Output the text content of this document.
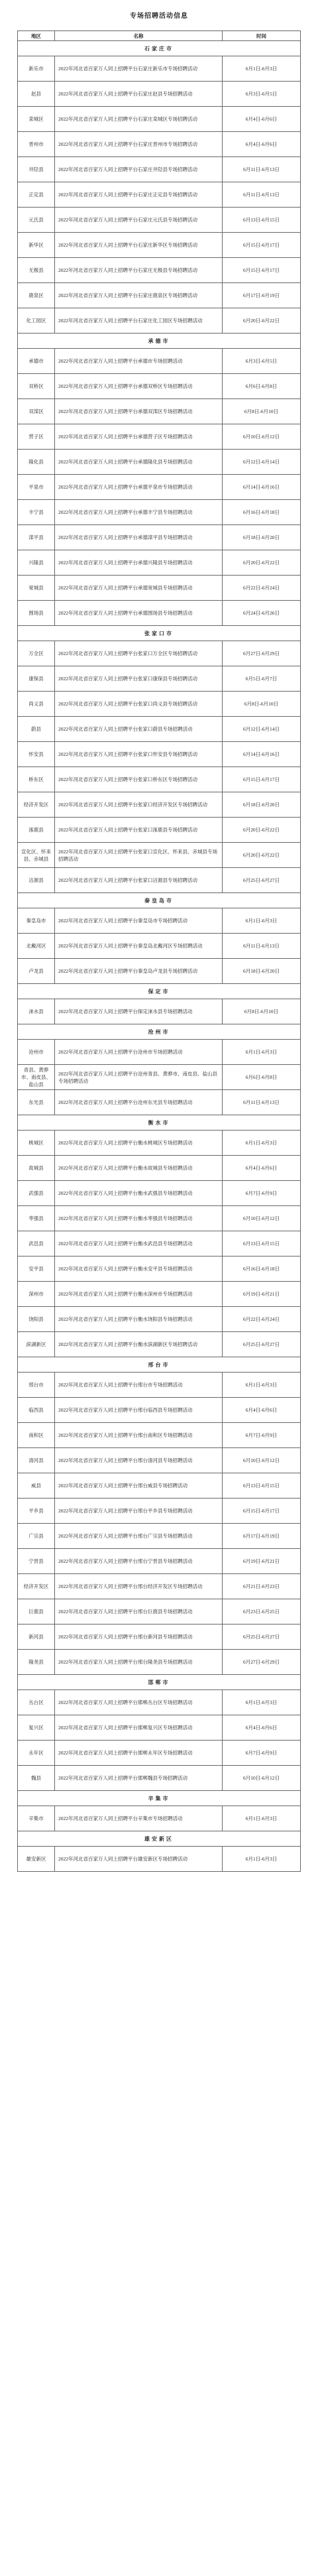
专场招聘活动信息
地区	名称	时间
石家庄市		
新乐市	2022年河北省百家万人同上招聘平台石家庄新乐市专场招聘活动	6月1日-6月3日
赵县	2022年河北省百家万人同上招聘平台石家庄赵县专场招聘活动	6月3日-6月5日
栾城区	2022年河北省百家万人同上招聘平台石家庄栾城区专场招聘活动	6月4日-6月6日
晋州市	2022年河北省百家万人同上招聘平台石家庄晋州市专场招聘活动	6月4日-6月6日
井陉县	2022年河北省百家万人同上招聘平台石家庄井陉县专场招聘活动	6月11日-6月13日
正定县	2022年河北省百家万人同上招聘平台石家庄正定县专场招聘活动	6月11日-6月13日
元氏县	2022年河北省百家万人同上招聘平台石家庄元氏县专场招聘活动	6月13日-6月15日
新华区	2022年河北省百家万人同上招聘平台石家庄新华区专场招聘活动	6月15日-6月17日
无极县	2022年河北省百家万人同上招聘平台石家庄无极县专场招聘活动	6月15日-6月17日
鹿泉区	2022年河北省百家万人同上招聘平台石家庄鹿泉区专场招聘活动	6月17日-6月19日
化工园区	2022年河北省百家万人同上招聘平台石家庄化工园区专场招聘活动	6月20日-6月22日
承德市		
承德市	2022年河北省百家万人同上招聘平台承德市专场招聘活动	6月3日-6月5日
双桥区	2022年河北省百家万人同上招聘平台承德双桥区专场招聘活动	6月6日-6月8日
双滦区	2022年河北省百家万人同上招聘平台承德双滦区专场招聘活动	6月8日-6月10日
营子区	2022年河北省百家万人同上招聘平台承德营子区专场招聘活动	6月10日-6月12日
隆化县	2022年河北省百家万人同上招聘平台承德隆化县专场招聘活动	6月12日-6月14日
平泉市	2022年河北省百家万人同上招聘平台承德平泉市专场招聘活动	6月14日-6月16日
丰宁县	2022年河北省百家万人同上招聘平台承德丰宁县专场招聘活动	6月16日-6月18日
滦平县	2022年河北省百家万人同上招聘平台承德滦平县专场招聘活动	6月18日-6月20日
兴隆县	2022年河北省百家万人同上招聘平台承德兴隆县专场招聘活动	6月20日-6月22日
宽城县	2022年河北省百家万人同上招聘平台承德宽城县专场招聘活动	6月22日-6月24日
围场县	2022年河北省百家万人同上招聘平台承德围场县专场招聘活动	6月24日-6月26日
张家口市		
万全区	2022年河北省百家万人同上招聘平台张家口万全区专场招聘活动	6月27日-6月29日
康保县	2022年河北省百家万人同上招聘平台张家口康保县专场招聘活动	6月5日-6月7日
尚义县	2022年河北省百家万人同上招聘平台张家口尚义县专场招聘活动	6月8日-6月10日
蔚县	2022年河北省百家万人同上招聘平台张家口蔚县专场招聘活动	6月12日-6月14日
怀安县	2022年河北省百家万人同上招聘平台张家口怀安县专场招聘活动	6月14日-6月16日
桥东区	2022年河北省百家万人同上招聘平台张家口桥东区专场招聘活动	6月15日-6月17日
经济开发区	2022年河北省百家万人同上招聘平台张家口经济开发区专场招聘活动	6月18日-6月20日
涿鹿县	2022年河北省百家万人同上招聘平台张家口涿鹿县专场招聘活动	6月20日-6月22日
宣化区、怀来县、赤城县	2022年河北省百家万人同上招聘平台张家口宣化区、怀来县、赤城县专场招聘活动	6月20日-6月22日
沽源县	2022年河北省百家万人同上招聘平台张家口沽源县专场招聘活动	6月25日-6月27日
秦皇岛市		
秦皇岛市	2022年河北省百家万人同上招聘平台秦皇岛市专场招聘活动	6月1日-6月3日
北戴河区	2022年河北省百家万人同上招聘平台秦皇岛北戴河区专场招聘活动	6月11日-6月13日
卢龙县	2022年河北省百家万人同上招聘平台秦皇岛卢龙县专场招聘活动	6月18日-6月20日
保定市		
涞水县	2022年河北省百家万人同上招聘平台保定涞水县专场招聘活动	6月8日-6月10日
沧州市		
沧州市	2022年河北省百家万人同上招聘平台沧州市专场招聘活动	6月1日-6月3日
青县、黄骅市、南皮县、盐山县	2022年河北省百家万人同上招聘平台沧州青县、黄骅市、南皮县、盐山县专场招聘活动	6月6日-6月8日
东光县	2022年河北省百家万人同上招聘平台沧州东光县专场招聘活动	6月11日-6月13日
衡水市		
桃城区	2022年河北省百家万人同上招聘平台衡水桃城区专场招聘活动	6月1日-6月3日
故城县	2022年河北省百家万人同上招聘平台衡水故城县专场招聘活动	6月4日-6月6日
武强县	2022年河北省百家万人同上招聘平台衡水武强县专场招聘活动	6月7日-6月9日
枣强县	2022年河北省百家万人同上招聘平台衡水枣强县专场招聘活动	6月10日-6月12日
武邑县	2022年河北省百家万人同上招聘平台衡水武邑县专场招聘活动	6月13日-6月15日
安平县	2022年河北省百家万人同上招聘平台衡水安平县专场招聘活动	6月16日-6月18日
深州市	2022年河北省百家万人同上招聘平台衡水深州市专场招聘活动	6月19日-6月21日
饶阳县	2022年河北省百家万人同上招聘平台衡水饶阳县专场招聘活动	6月22日-6月24日
滨湖新区	2022年河北省百家万人同上招聘平台衡水滨湖新区专场招聘活动	6月25日-6月27日
邢台市		
邢台市	2022年河北省百家万人同上招聘平台邢台市专场招聘活动	6月1日-6月3日
临西县	2022年河北省百家万人同上招聘平台邢台临西县专场招聘活动	6月4日-6月6日
南和区	2022年河北省百家万人同上招聘平台邢台南和区专场招聘活动	6月7日-6月9日
清河县	2022年河北省百家万人同上招聘平台邢台清河县专场招聘活动	6月10日-6月12日
威县	2022年河北省百家万人同上招聘平台邢台威县专场招聘活动	6月13日-6月15日
平乡县	2022年河北省百家万人同上招聘平台邢台平乡县专场招聘活动	6月15日-6月17日
广宗县	2022年河北省百家万人同上招聘平台邢台广宗县专场招聘活动	6月17日-6月19日
宁晋县	2022年河北省百家万人同上招聘平台邢台宁晋县专场招聘活动	6月19日-6月21日
经济开发区	2022年河北省百家万人同上招聘平台邢台经济开发区专场招聘活动	6月21日-6月23日
巨鹿县	2022年河北省百家万人同上招聘平台邢台巨鹿县专场招聘活动	6月23日-6月25日
新河县	2022年河北省百家万人同上招聘平台邢台新河县专场招聘活动	6月25日-6月27日
隆尧县	2022年河北省百家万人同上招聘平台邢台隆尧县专场招聘活动	6月27日-6月29日
邯郸市		
丛台区	2022年河北省百家万人同上招聘平台邯郸丛台区专场招聘活动	6月1日-6月3日
复兴区	2022年河北省百家万人同上招聘平台邯郸复兴区专场招聘活动	6月4日-6月6日
永年区	2022年河北省百家万人同上招聘平台邯郸永年区专场招聘活动	6月7日-6月9日
魏县	2022年河北省百家万人同上招聘平台邯郸魏县专场招聘活动	6月10日-6月12日
辛集市		
辛集市	2022年河北省百家万人同上招聘平台辛集市专场招聘活动	6月1日-6月3日
雄安新区		
雄安新区	2022年河北省百家万人同上招聘平台雄安新区专场招聘活动	6月1日-6月3日
